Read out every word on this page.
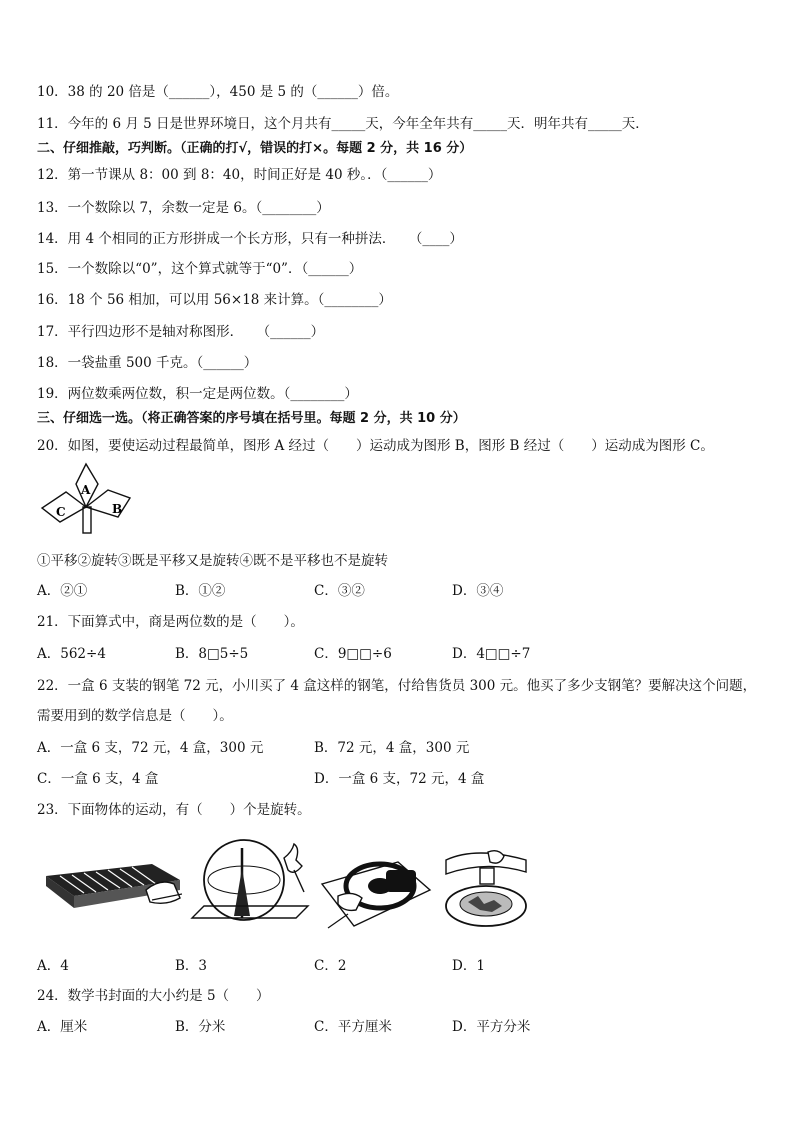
10．38 的 20 倍是（______），450 是 5 的（______）倍。
11．今年的 6 月 5 日是世界环境日，这个月共有_____天，今年全年共有_____天．明年共有_____天．
二、仔细推敲，巧判断。（正确的打√，错误的打×。每题 2 分，共 16 分）
12．第一节课从 8：00 到 8：40，时间正好是 40 秒。．（______）
13．一个数除以 7，余数一定是 6。（________）
14．用 4 个相同的正方形拼成一个长方形，只有一种拼法．　　（____）
15．一个数除以“0”，这个算式就等于“0”．（______）
16．18 个 56 相加，可以用 56×18 来计算。（________）
17．平行四边形不是轴对称图形．　　（______）
18．一袋盐重 500 千克。（______）
19．两位数乘两位数，积一定是两位数。（________）
三、仔细选一选。（将正确答案的序号填在括号里。每题 2 分，共 10 分）
20．如图，要使运动过程最简单，图形 A 经过（　　）运动成为图形 B，图形 B 经过（　　）运动成为图形 C。
A
B
C
①平移②旋转③既是平移又是旋转④既不是平移也不是旋转
A．②①	B．①②	C．③②	D．③④
21．下面算式中，商是两位数的是（　　）。
A．562÷4	B．8□5÷5	C．9□□÷6	D．4□□÷7
22．一盒 6 支装的钢笔 72 元，小川买了 4 盒这样的钢笔，付给售货员 300 元。他买了多少支钢笔？要解决这个问题，
需要用到的数学信息是（　　）。
A．一盒 6 支，72 元，4 盒，300 元	B．72 元，4 盒，300 元
C．一盒 6 支，4 盒	D．一盒 6 支，72 元，4 盒
23．下面物体的运动，有（　　）个是旋转。
A．4	B．3	C．2	D．1
24．数学书封面的大小约是 5（　　）
A．厘米	B．分米	C．平方厘米	D．平方分米
